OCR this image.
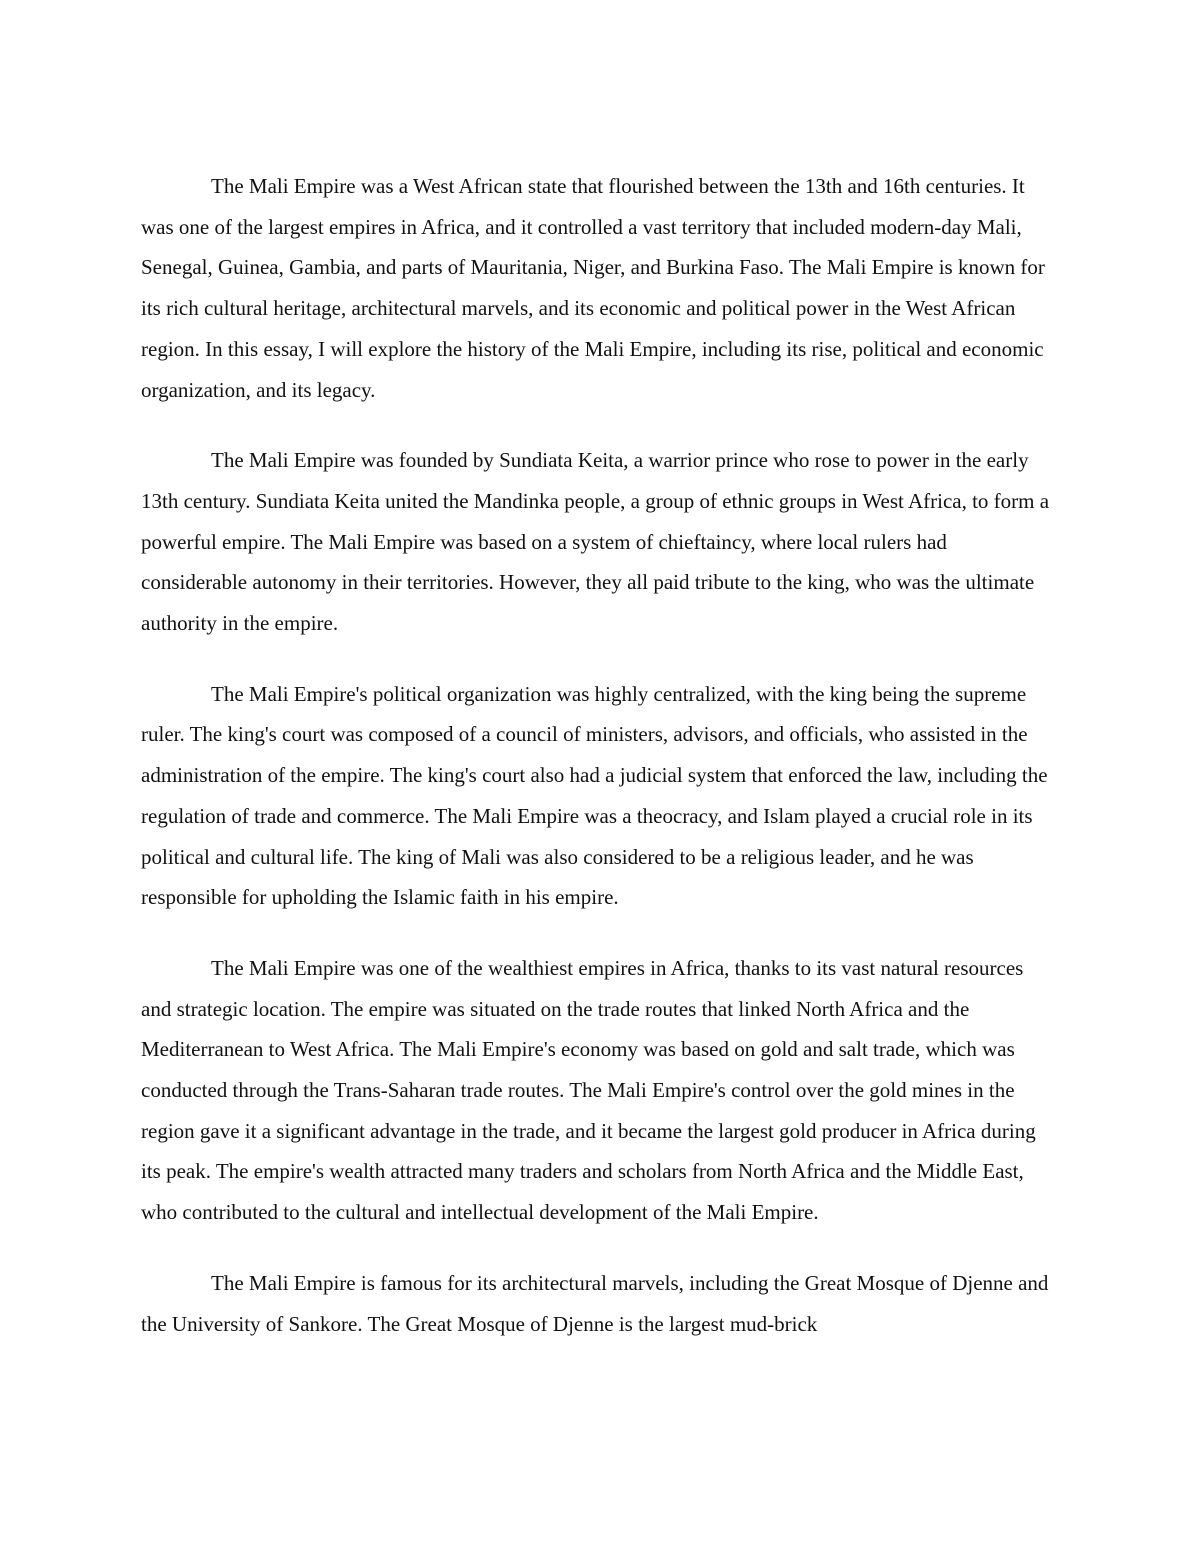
The Mali Empire was a West African state that flourished between the 13th and 16th centuries. It was one of the largest empires in Africa, and it controlled a vast territory that included modern-day Mali, Senegal, Guinea, Gambia, and parts of Mauritania, Niger, and Burkina Faso. The Mali Empire is known for its rich cultural heritage, architectural marvels, and its economic and political power in the West African region. In this essay, I will explore the history of the Mali Empire, including its rise, political and economic organization, and its legacy.

The Mali Empire was founded by Sundiata Keita, a warrior prince who rose to power in the early 13th century. Sundiata Keita united the Mandinka people, a group of ethnic groups in West Africa, to form a powerful empire. The Mali Empire was based on a system of chieftaincy, where local rulers had considerable autonomy in their territories. However, they all paid tribute to the king, who was the ultimate authority in the empire.

The Mali Empire's political organization was highly centralized, with the king being the supreme ruler. The king's court was composed of a council of ministers, advisors, and officials, who assisted in the administration of the empire. The king's court also had a judicial system that enforced the law, including the regulation of trade and commerce. The Mali Empire was a theocracy, and Islam played a crucial role in its political and cultural life. The king of Mali was also considered to be a religious leader, and he was responsible for upholding the Islamic faith in his empire.

The Mali Empire was one of the wealthiest empires in Africa, thanks to its vast natural resources and strategic location. The empire was situated on the trade routes that linked North Africa and the Mediterranean to West Africa. The Mali Empire's economy was based on gold and salt trade, which was conducted through the Trans-Saharan trade routes. The Mali Empire's control over the gold mines in the region gave it a significant advantage in the trade, and it became the largest gold producer in Africa during its peak. The empire's wealth attracted many traders and scholars from North Africa and the Middle East, who contributed to the cultural and intellectual development of the Mali Empire.

The Mali Empire is famous for its architectural marvels, including the Great Mosque of Djenne and the University of Sankore. The Great Mosque of Djenne is the largest mud-brick
